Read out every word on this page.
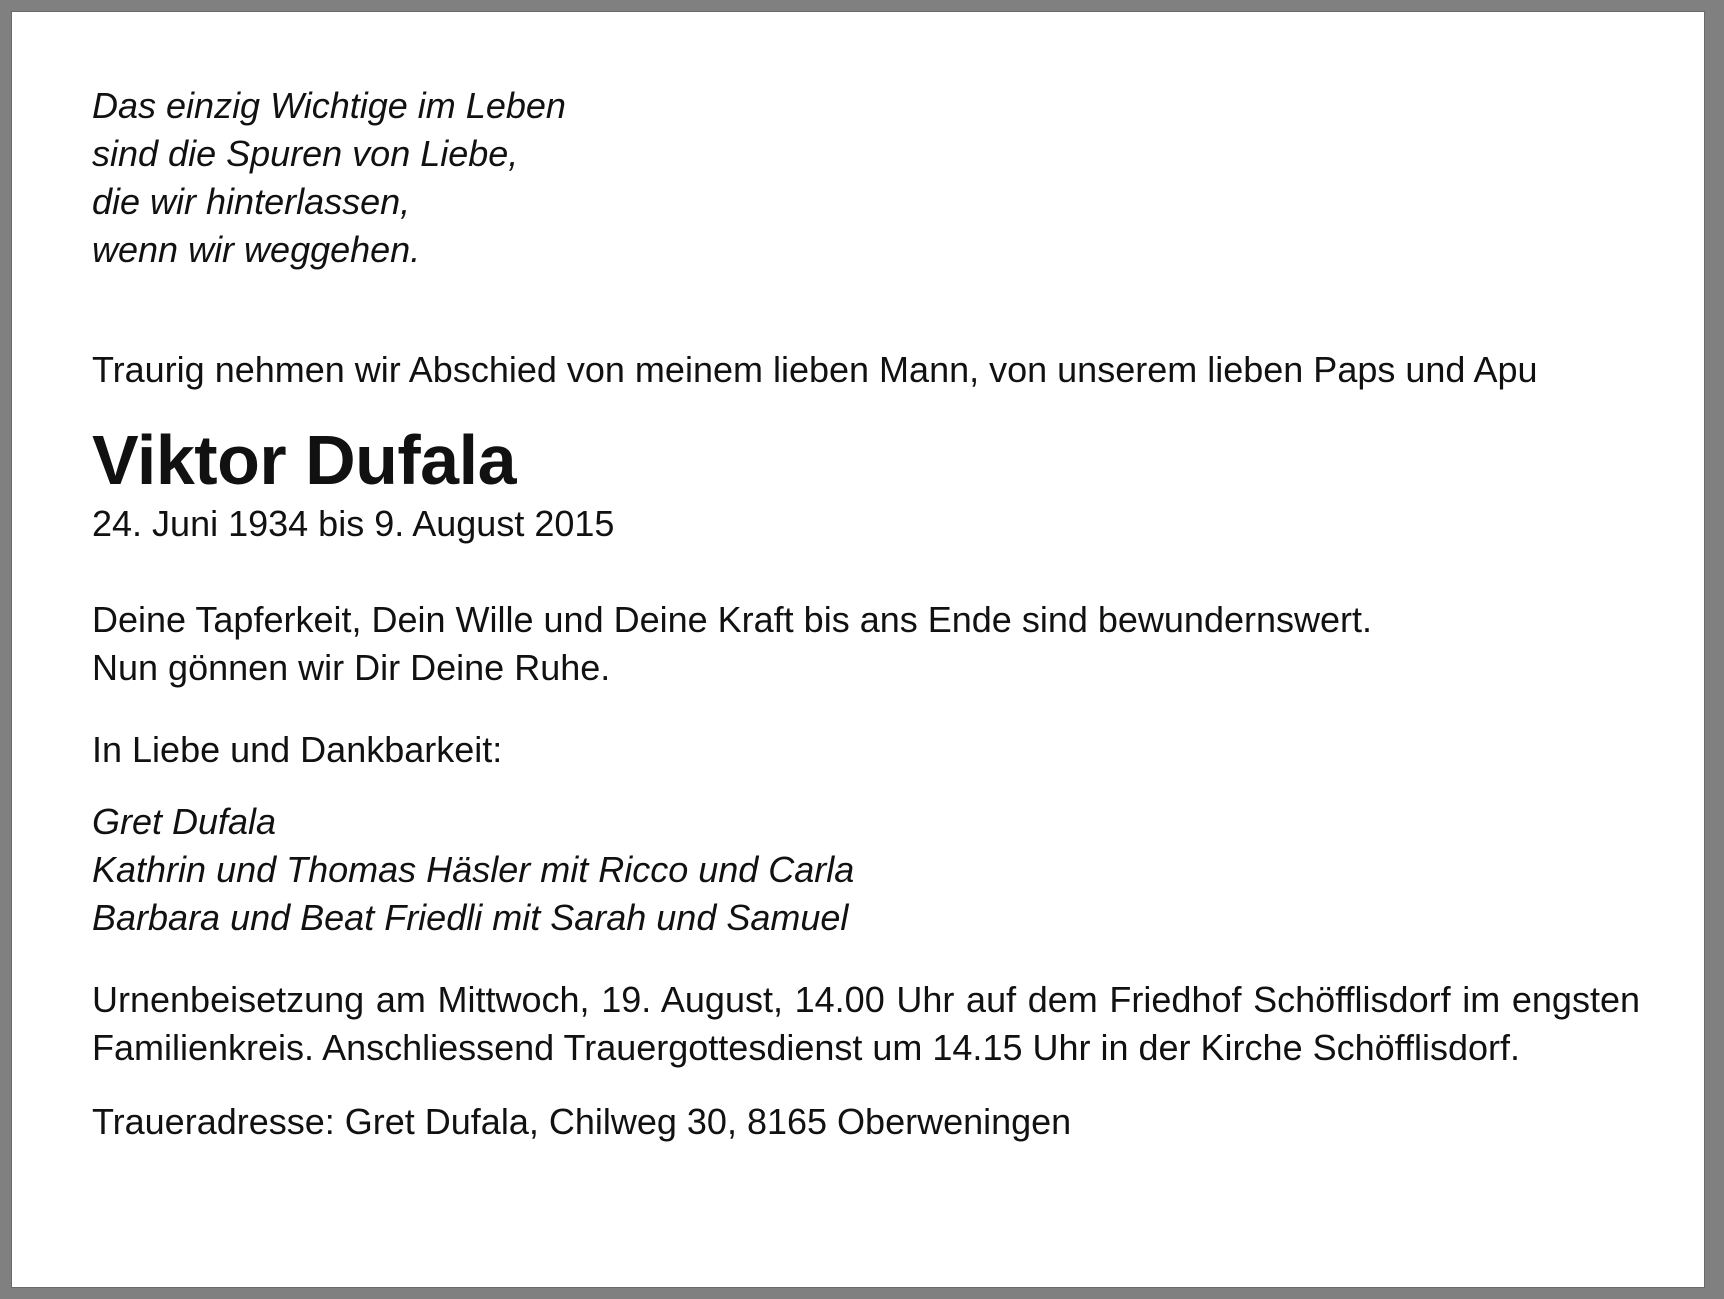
Das einzig Wichtige im Leben
sind die Spuren von Liebe,
die wir hinterlassen,
wenn wir weggehen.
Traurig nehmen wir Abschied von meinem lieben Mann, von unserem lieben Paps und Apu
Viktor Dufala
24. Juni 1934 bis 9. August 2015
Deine Tapferkeit, Dein Wille und Deine Kraft bis ans Ende sind bewundernswert.
Nun gönnen wir Dir Deine Ruhe.
In Liebe und Dankbarkeit:
Gret Dufala
Kathrin und Thomas Häsler mit Ricco und Carla
Barbara und Beat Friedli mit Sarah und Samuel
Urnenbeisetzung am Mittwoch, 19. August, 14.00 Uhr auf dem Friedhof Schöfflisdorf im engsten Familienkreis. Anschliessend Trauergottesdienst um 14.15 Uhr in der Kirche Schöfflisdorf.
Traueradresse: Gret Dufala, Chilweg 30, 8165 Oberweningen
